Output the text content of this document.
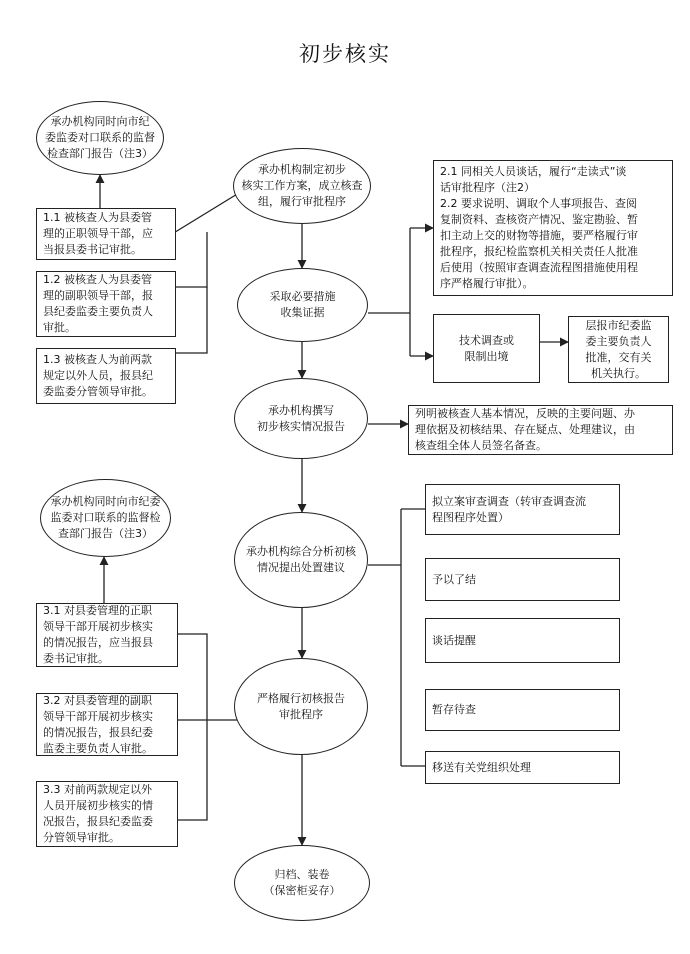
初步核实
承办机构同时向市纪
委监委对口联系的监督
检查部门报告（注3）
1.1 被核查人为县委管
理的正职领导干部，应
当报县委书记审批。
1.2 被核查人为县委管
理的副职领导干部，报
县纪委监委主要负责人
审批。
1.3 被核查人为前两款
规定以外人员，报县纪
委监委分管领导审批。
承办机构制定初步
核实工作方案，成立核查
组，履行审批程序
采取必要措施
收集证据
承办机构撰写
初步核实情况报告
承办机构综合分析初核
情况提出处置建议
严格履行初核报告
审批程序
归档、装卷
（保密柜妥存）
2.1 同相关人员谈话，履行“走读式”谈
话审批程序（注2）
2.2 要求说明、调取个人事项报告、查阅
复制资料、查核资产情况、鉴定勘验、暂
扣主动上交的财物等措施，要严格履行审
批程序，报纪检监察机关相关责任人批准
后使用（按照审查调查流程图措施使用程
序严格履行审批）。
技术调查或
限制出境
层报市纪委监
委主要负责人
批准，交有关
机关执行。
列明被核查人基本情况，反映的主要问题、办
理依据及初核结果、存在疑点、处理建议，由
核查组全体人员签名备查。
拟立案审查调查（转审查调查流
程图程序处置）
予以了结
谈话提醒
暂存待查
移送有关党组织处理
承办机构同时向市纪委
监委对口联系的监督检
查部门报告（注3）
3.1 对县委管理的正职
领导干部开展初步核实
的情况报告，应当报县
委书记审批。
3.2 对县委管理的副职
领导干部开展初步核实
的情况报告，报县纪委
监委主要负责人审批。
3.3 对前两款规定以外
人员开展初步核实的情
况报告，报县纪委监委
分管领导审批。
